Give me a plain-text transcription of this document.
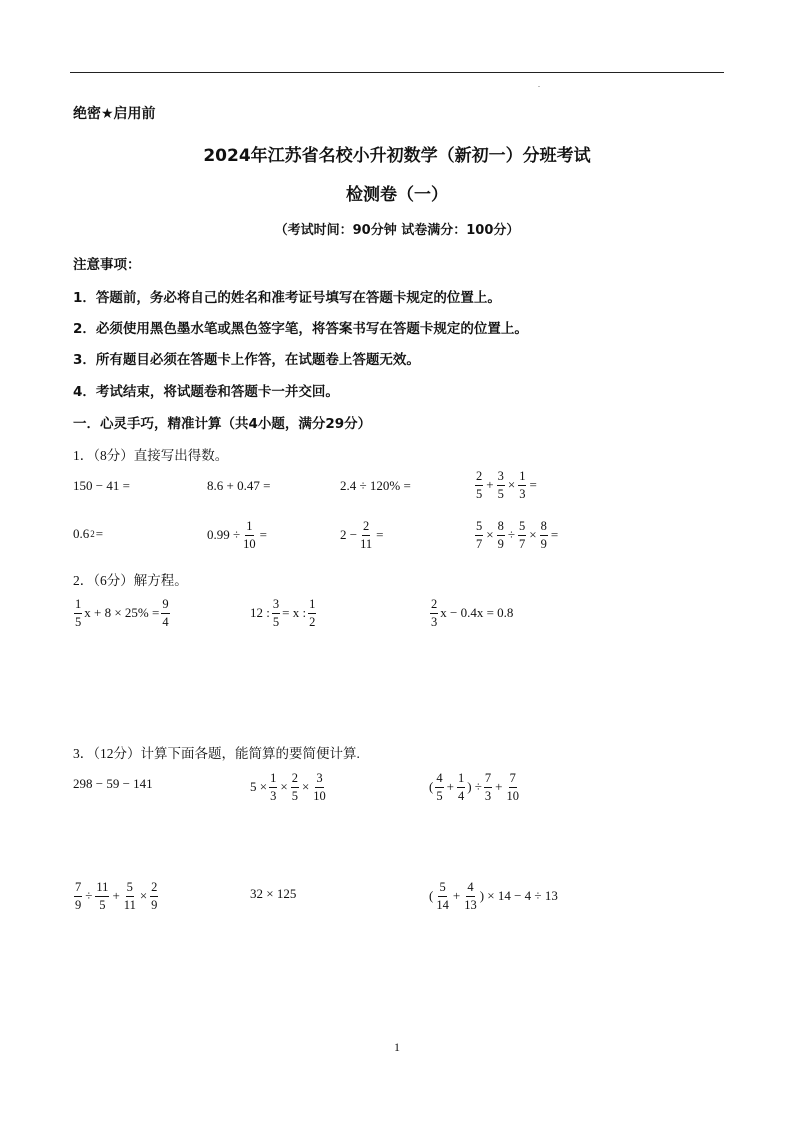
绝密★启用前
2024年江苏省名校小升初数学（新初一）分班考试
检测卷（一）
（考试时间：90分钟 试卷满分：100分）
注意事项：
1．答题前，务必将自己的姓名和准考证号填写在答题卡规定的位置上。
2．必须使用黑色墨水笔或黑色签字笔，将答案书写在答题卡规定的位置上。
3．所有题目必须在答题卡上作答，在试题卷上答题无效。
4．考试结束，将试题卷和答题卡一并交回。
一．心灵手巧，精准计算（共4小题，满分29分）
1．（8分）直接写出得数。
150 − 41 =	8.6 + 0.47 =	2.4 ÷ 120% =	$\frac{2}{5} + \frac{3}{5} \times \frac{1}{3}$ =
0.6 2 =	$0.99 \div \frac{1}{10}$ =	$2 - \frac{2}{11}$ =	$\frac{5}{7} \times \frac{8}{9} \div \frac{5}{7} \times \frac{8}{9}$ =
2．（6分）解方程。
$\frac{1}{5}$ $x + 8 \times 25\% = \frac{9}{4}$	12 : $\frac{3}{5} = x$ : $\frac{1}{2}$	$\frac{2}{3}$ x − 0.4x = 0.8
3．（12分）计算下面各题，能简算的要简便计算.
298 − 59 − 141	$5 \times \frac{1}{3} \times \frac{2}{5} \times \frac{3}{10}$	( $\frac{4}{5} + \frac{1}{4}$ ) ÷ $\frac{7}{3} + \frac{7}{10}$
$\frac{7}{9} \div \frac{11}{5} + \frac{5}{11} \times \frac{2}{9}$	32 × 125	( $\frac{5}{14} + \frac{4}{13}$ ) × 14 − 4 ÷ 13
1
